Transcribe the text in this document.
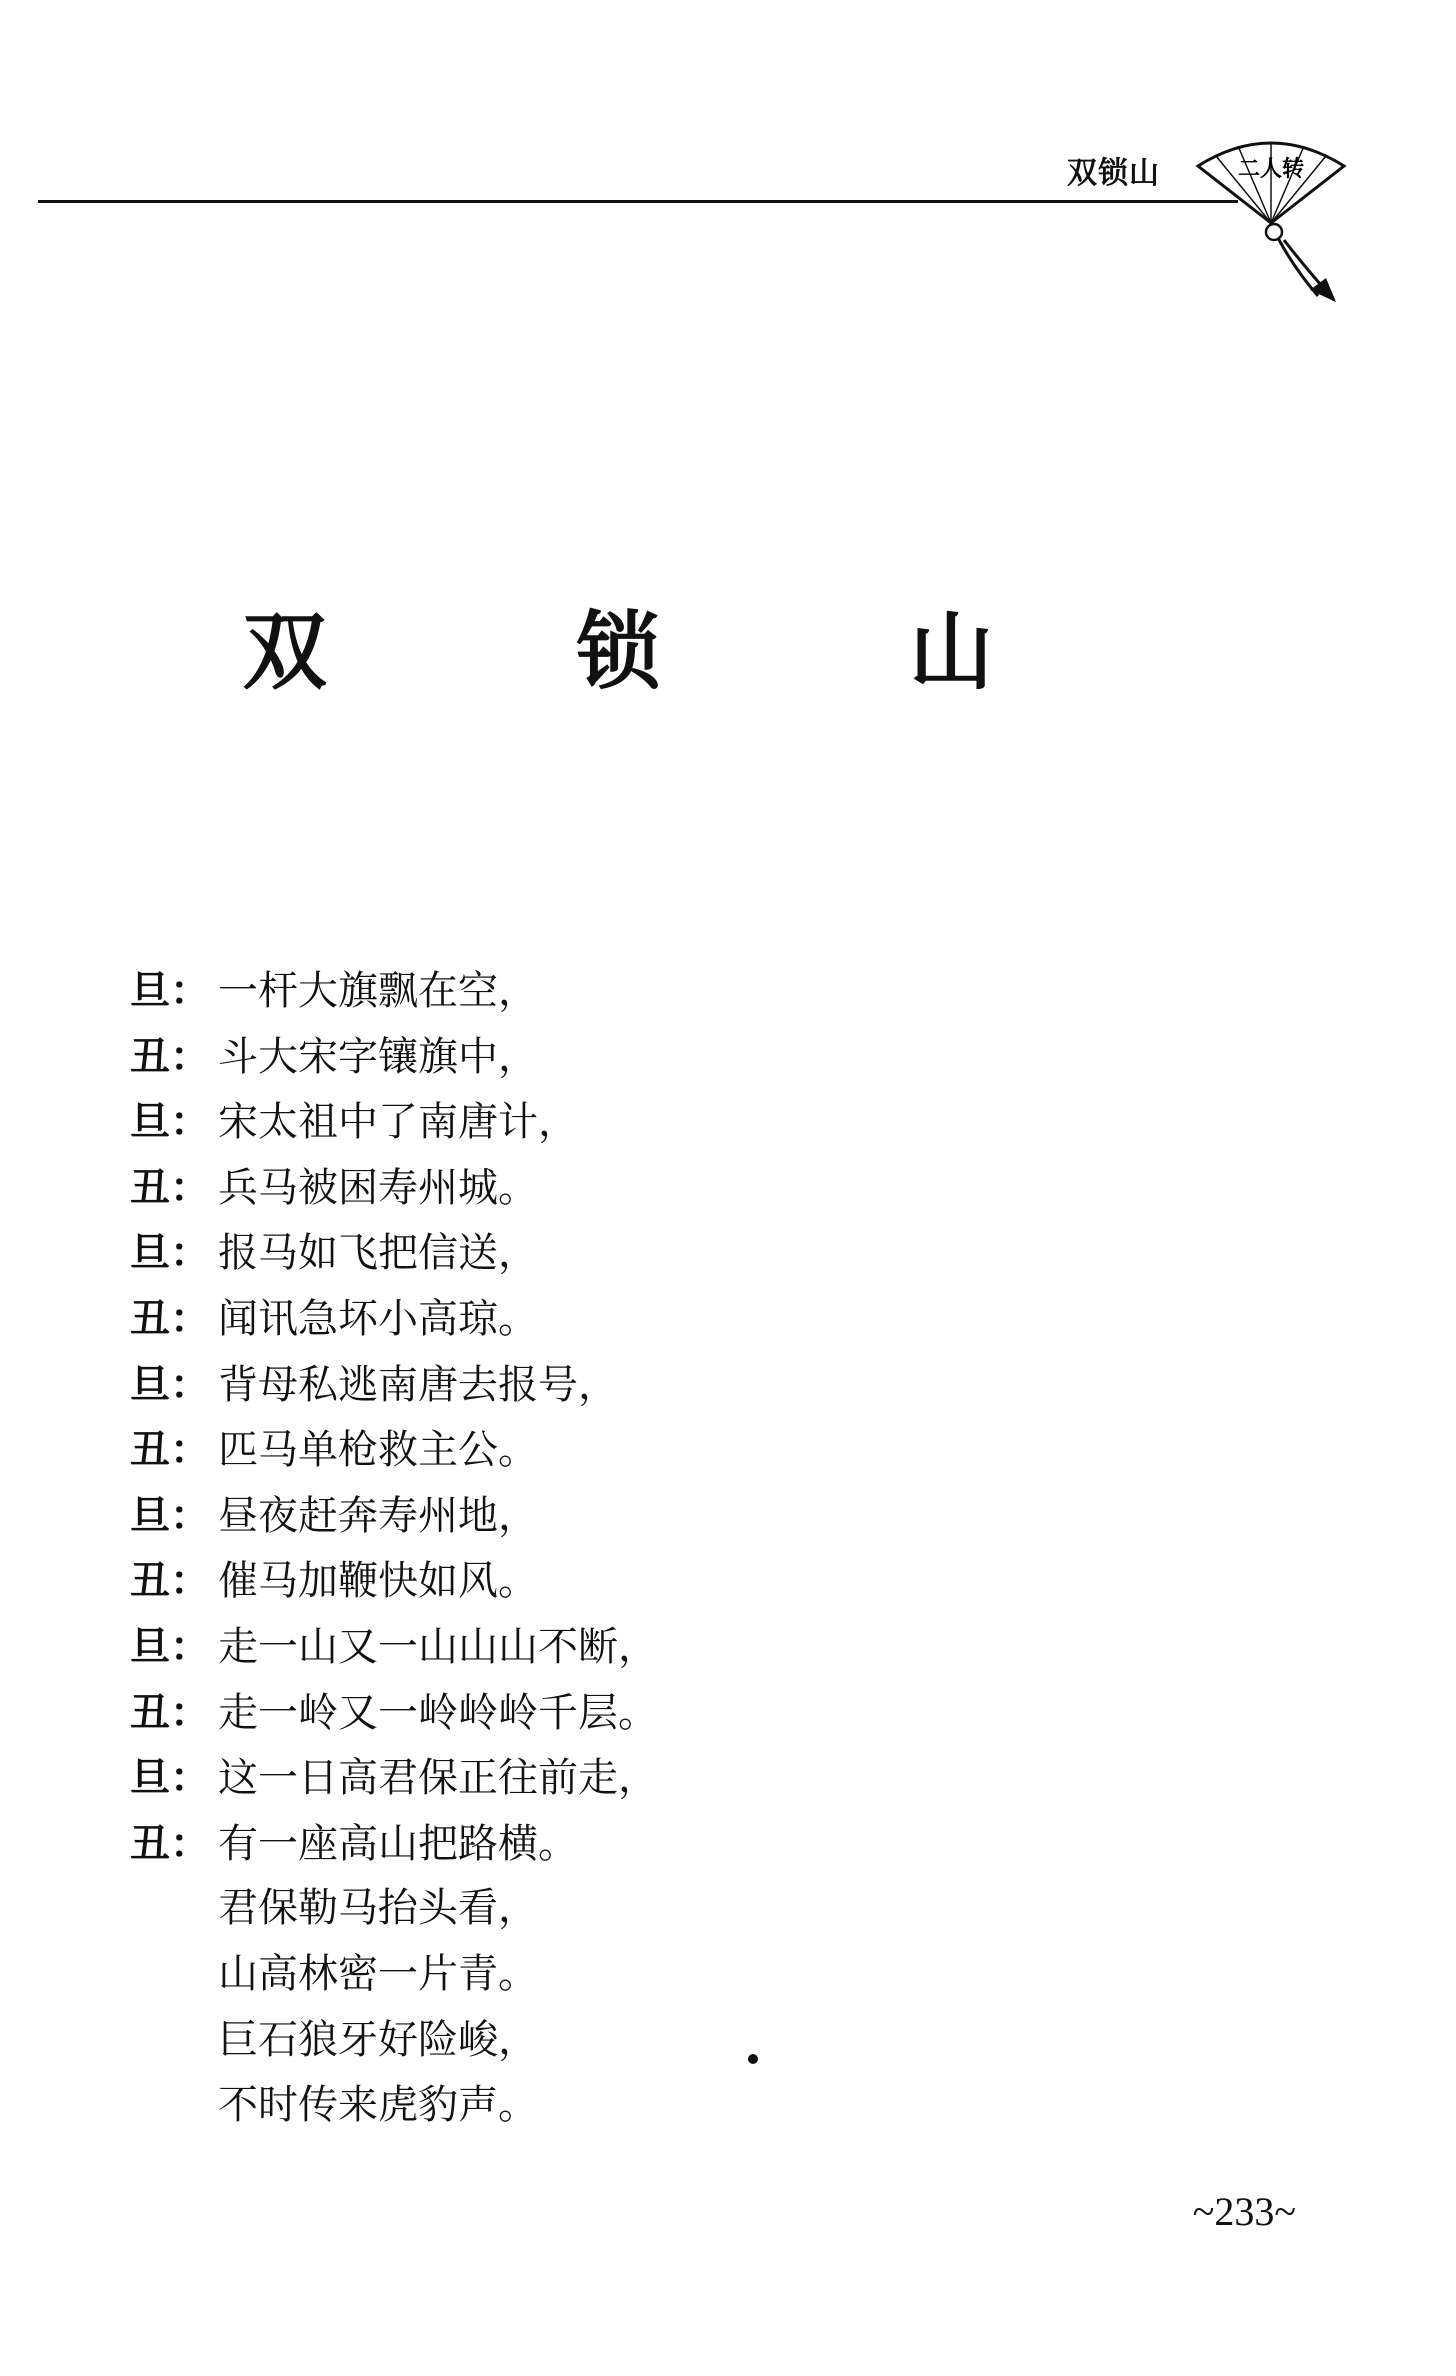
双锁山	二人转
双 锁 山
旦： 一杆大旗飘在空，
丑： 斗大宋字镶旗中，
旦： 宋太祖中了南唐计，
丑： 兵马被困寿州城。
旦： 报马如飞把信送，
丑： 闻讯急坏小高琼。
旦： 背母私逃南唐去报号，
丑： 匹马单枪救主公。
旦： 昼夜赶奔寿州地，
丑： 催马加鞭快如风。
旦： 走一山又一山山山不断，
丑： 走一岭又一岭岭岭千层。
旦： 这一日高君保正往前走，
丑： 有一座高山把路横。
君保勒马抬头看，
山高林密一片青。
巨石狼牙好险峻，
不时传来虎豹声。
~233~
